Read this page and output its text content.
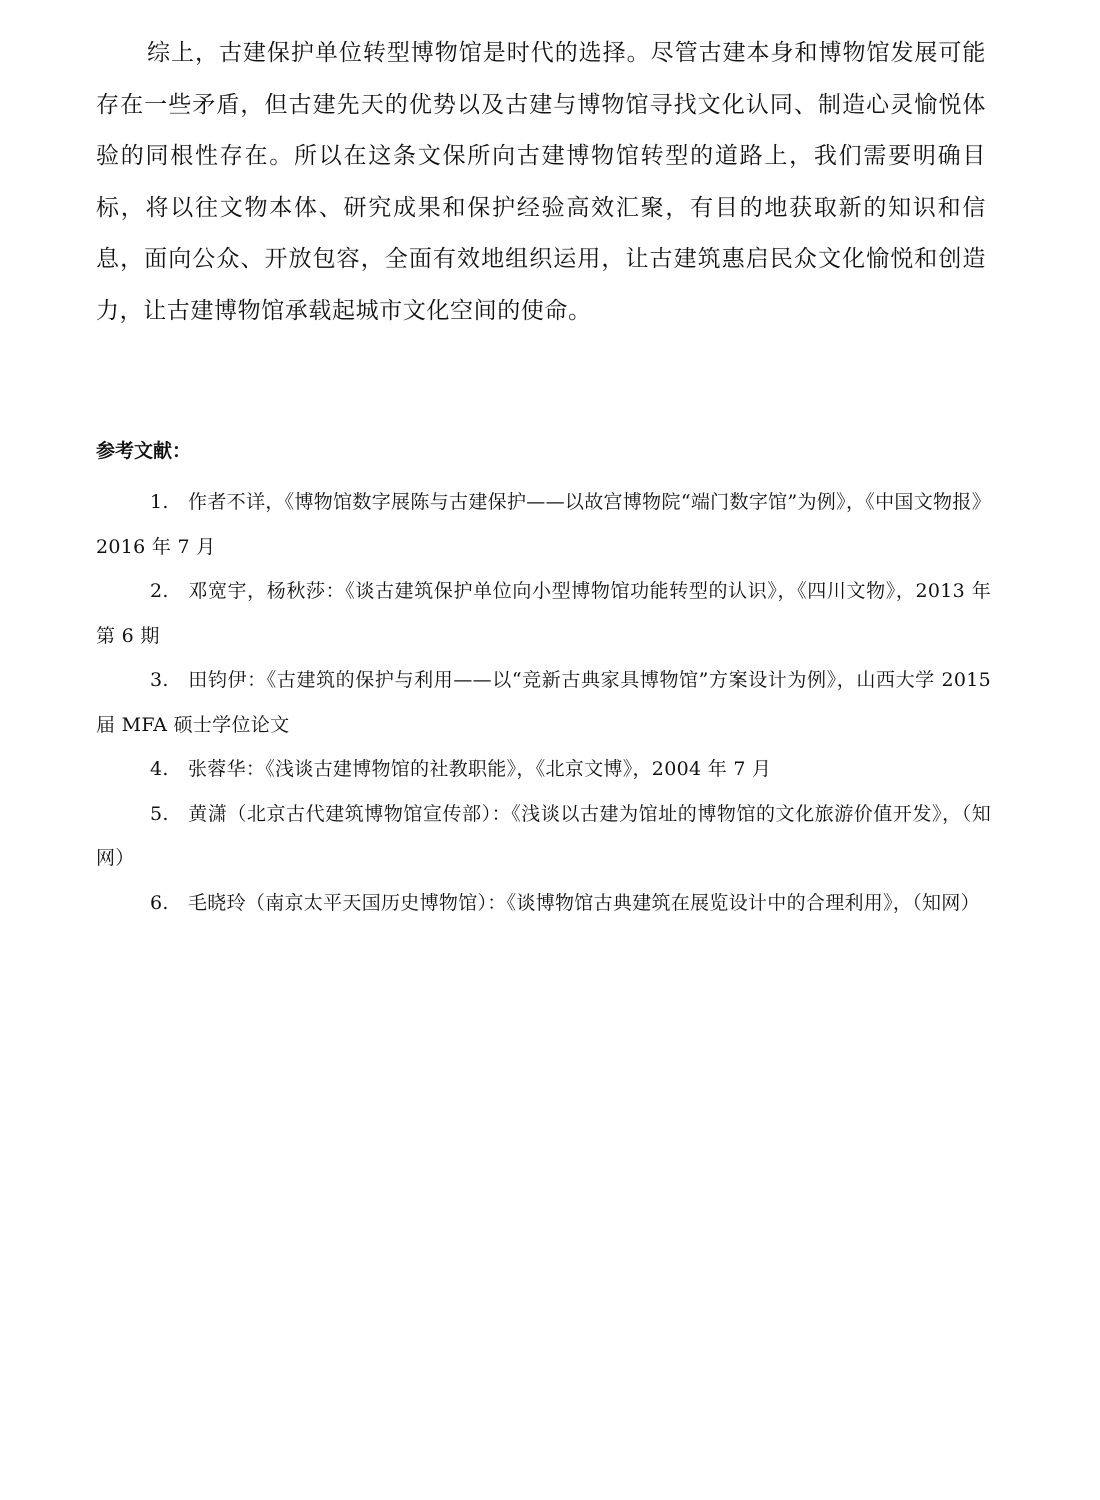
综上，古建保护单位转型博物馆是时代的选择。尽管古建本身和博物馆发展可能存在一些矛盾，但古建先天的优势以及古建与博物馆寻找文化认同、制造心灵愉悦体验的同根性存在。所以在这条文保所向古建博物馆转型的道路上，我们需要明确目标，将以往文物本体、研究成果和保护经验高效汇聚，有目的地获取新的知识和信息，面向公众、开放包容，全面有效地组织运用，让古建筑惠启民众文化愉悦和创造力，让古建博物馆承载起城市文化空间的使命。

参考文献：
1. 作者不详，《博物馆数字展陈与古建保护——以故宫博物院“端门数字馆”为例》，《中国文物报》2016 年 7 月
2. 邓宽宇，杨秋莎：《谈古建筑保护单位向小型博物馆功能转型的认识》，《四川文物》，2013 年第 6 期
3. 田钧伊：《古建筑的保护与利用——以“竞新古典家具博物馆”方案设计为例》，山西大学 2015 届 MFA 硕士学位论文
4. 张蓉华：《浅谈古建博物馆的社教职能》，《北京文博》，2004 年 7 月
5. 黄潇（北京古代建筑博物馆宣传部）：《浅谈以古建为馆址的博物馆的文化旅游价值开发》，（知网）
6. 毛晓玲（南京太平天国历史博物馆）：《谈博物馆古典建筑在展览设计中的合理利用》，（知网）
